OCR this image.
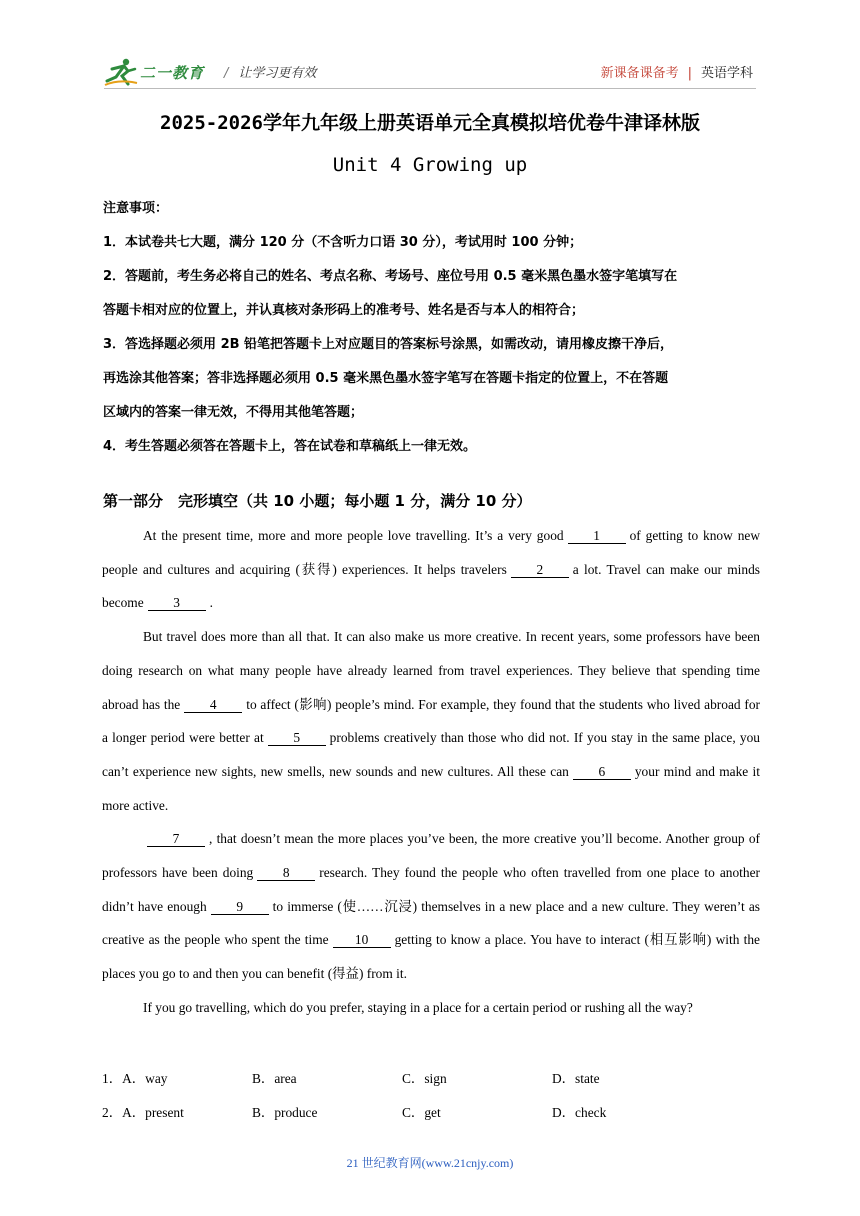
二一教育 / 让学习更有效	新课备课备考 | 英语学科
2025-2026学年九年级上册英语单元全真模拟培优卷牛津译林版
Unit 4 Growing up
注意事项：
1．本试卷共七大题，满分 120 分（不含听力口语 30 分），考试用时 100 分钟；
2．答题前，考生务必将自己的姓名、考点名称、考场号、座位号用 0.5 毫米黑色墨水签字笔填写在
答题卡相对应的位置上，并认真核对条形码上的准考号、姓名是否与本人的相符合；
3．答选择题必须用 2B 铅笔把答题卡上对应题目的答案标号涂黑，如需改动，请用橡皮擦干净后，
再选涂其他答案；答非选择题必须用 0.5 毫米黑色墨水签字笔写在答题卡指定的位置上，不在答题
区域内的答案一律无效，不得用其他笔答题；
4．考生答题必须答在答题卡上，答在试卷和草稿纸上一律无效。
第一部分　完形填空（共 10 小题；每小题 1 分，满分 10 分）

At the present time, more and more people love travelling. It’s a very good 1 of getting to know new people and cultures and acquiring (获得) experiences. It helps travelers 2 a lot. Travel can make our minds become 3 .

But travel does more than all that. It can also make us more creative. In recent years, some professors have been doing research on what many people have already learned from travel experiences. They believe that spending time abroad has the 4 to affect (影响) people’s mind. For example, they found that the students who lived abroad for a longer period were better at 5 problems creatively than those who did not. If you stay in the same place, you can’t experience new sights, new smells, new sounds and new cultures. All these can 6 your mind and make it more active.

7 , that doesn’t mean the more places you’ve been, the more creative you’ll become. Another group of professors have been doing 8 research. They found the people who often travelled from one place to another didn’t have enough 9 to immerse (使……沉浸) themselves in a new place and a new culture. They weren’t as creative as the people who spent the time 10 getting to know a place. You have to interact (相互影响) with the places you go to and then you can benefit (得益) from it.

If you go travelling, which do you prefer, staying in a place for a certain period or rushing all the way?

1．A．way	B．area	C．sign	D．state
2．A．present	B．produce	C．get	D．check
21 世纪教育网(www.21cnjy.com)
